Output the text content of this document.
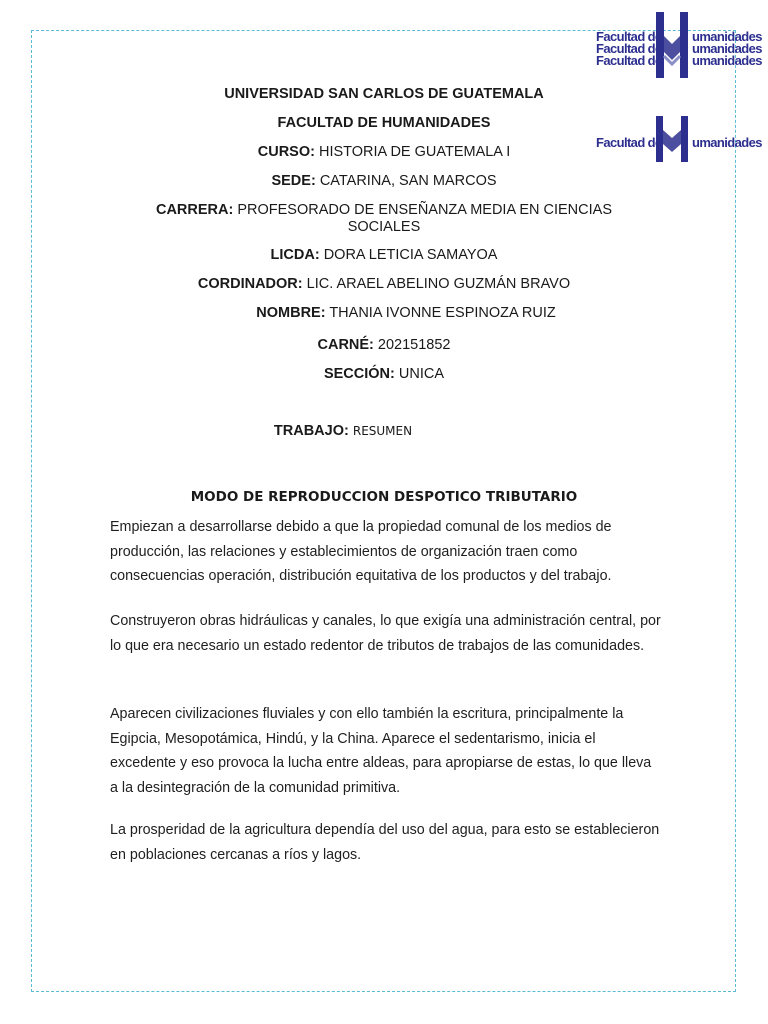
Facultad de
Facultad de
Facultad de
umanidades
umanidades
umanidades
Facultad de umanidades
UNIVERSIDAD SAN CARLOS DE GUATEMALA
FACULTAD DE HUMANIDADES
CURSO: HISTORIA DE GUATEMALA I
SEDE: CATARINA, SAN MARCOS
CARRERA: PROFESORADO DE ENSEÑANZA MEDIA EN CIENCIAS SOCIALES
LICDA: DORA LETICIA SAMAYOA
CORDINADOR: LIC. ARAEL ABELINO GUZMÁN BRAVO
NOMBRE: THANIA IVONNE ESPINOZA RUIZ
CARNÉ: 202151852
SECCIÓN: UNICA
TRABAJO: RESUMEN
MODO DE REPRODUCCION DESPOTICO TRIBUTARIO

Empiezan a desarrollarse debido a que la propiedad comunal de los medios de producción, las relaciones y establecimientos de organización traen como consecuencias operación, distribución equitativa de los productos y del trabajo.

Construyeron obras hidráulicas y canales, lo que exigía una administración central, por lo que era necesario un estado redentor de tributos de trabajos de las comunidades.

Aparecen civilizaciones fluviales y con ello también la escritura, principalmente la Egipcia, Mesopotámica, Hindú, y la China. Aparece el sedentarismo, inicia el excedente y eso provoca la lucha entre aldeas, para apropiarse de estas, lo que lleva a la desintegración de la comunidad primitiva.

La prosperidad de la agricultura dependía del uso del agua, para esto se establecieron en poblaciones cercanas a ríos y lagos.
